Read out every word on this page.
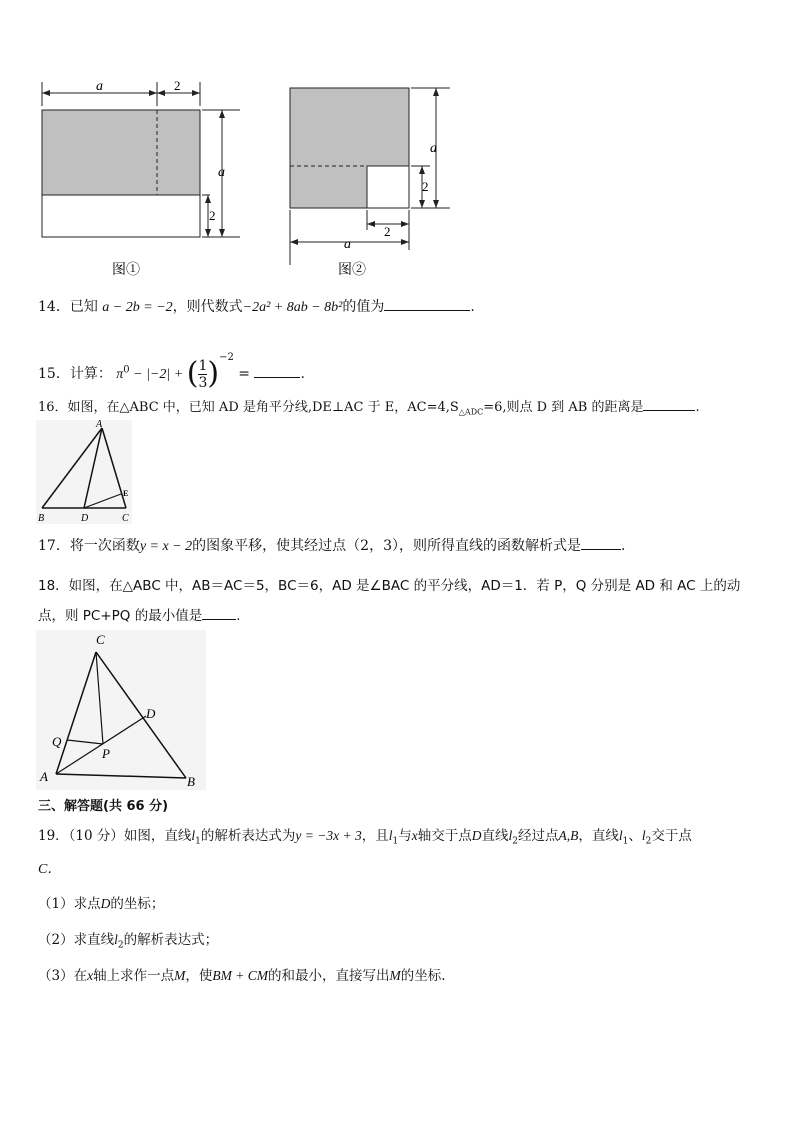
a	2
a
2
图①
a
2
2
a
图②
14．已知 a − 2b = −2，则代数式−2a² + 8ab − 8b²的值为	.
15．计算： $\pi^0 - |-2|$ + ( $\frac{1}{3} )^{-2}$ =	.
16．如图，在△ABC 中，已知 AD 是角平分线,DE⊥AC 于 E，$AC=4,S_{\triangle ADC}=6$,则点 D 到 AB 的距离是	.
A
B	D	C
E
17．将一次函数y = x − 2的图象平移，使其经过点（2，3），则所得直线的函数解析式是	.
18．如图，在△ABC 中，AB＝AC＝5，BC＝6，AD 是∠BAC 的平分线，AD＝1．若 P，Q 分别是 AD 和 AC 上的动
点，则 PC+PQ 的最小值是	.
C
D
Q
P
A	B
三、解答题(共 66 分)
19．（10 分）如图，直线$l_1$的解析表达式为y = −3x + 3，且$l_1$与x轴交于点D直线$l_2$经过点A,B，直线$l_1$、$l_2$交于点
C．
（1）求点D的坐标；
（2）求直线$l_2$的解析表达式；
（3）在x轴上求作一点M，使BM + CM的和最小，直接写出M的坐标.
